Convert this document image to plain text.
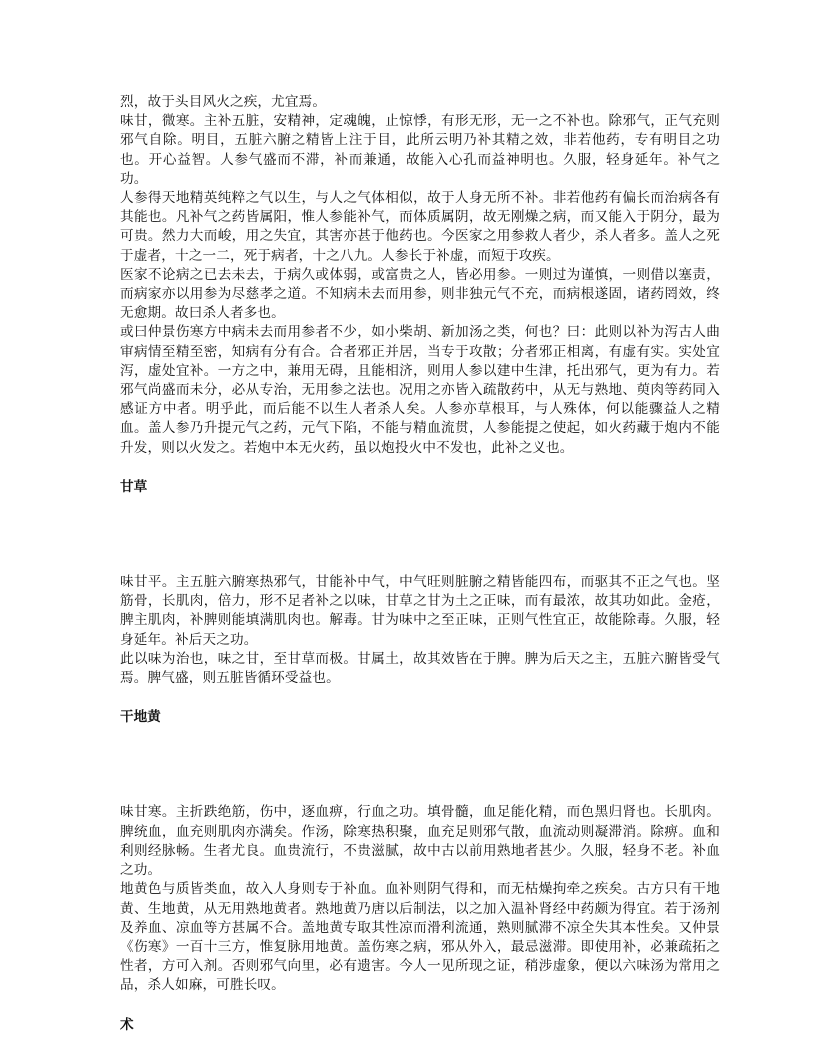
烈，故于头目风火之疾，尤宜焉。

味甘，微寒。主补五脏，安精神，定魂魄，止惊悸，有形无形，无一之不补也。除邪气，正气充则邪气自除。明目，五脏六腑之精皆上注于目，此所云明乃补其精之效，非若他药，专有明目之功也。开心益智。人参气盛而不滞，补而兼通，故能入心孔而益神明也。久服，轻身延年。补气之功。

人参得天地精英纯粹之气以生，与人之气体相似，故于人身无所不补。非若他药有偏长而治病各有其能也。凡补气之药皆属阳，惟人参能补气，而体质属阴，故无刚燥之病，而又能入于阴分，最为可贵。然力大而峻，用之失宜，其害亦甚于他药也。今医家之用参救人者少，杀人者多。盖人之死于虚者，十之一二，死于病者，十之八九。人参长于补虚，而短于攻疾。

医家不论病之已去未去，于病久或体弱，或富贵之人，皆必用参。一则过为谨慎，一则借以塞责，而病家亦以用参为尽慈孝之道。不知病未去而用参，则非独元气不充，而病根遂固，诸药罔效，终无愈期。故曰杀人者多也。

或曰仲景伤寒方中病未去而用参者不少，如小柴胡、新加汤之类，何也？曰：此则以补为泻古人曲审病情至精至密，知病有分有合。合者邪正并居，当专于攻散；分者邪正相离，有虚有实。实处宜泻，虚处宜补。一方之中，兼用无碍，且能相济，则用人参以建中生津，托出邪气，更为有力。若邪气尚盛而未分，必从专治，无用参之法也。况用之亦皆入疏散药中，从无与熟地、萸肉等药同入感证方中者。明乎此，而后能不以生人者杀人矣。人参亦草根耳，与人殊体，何以能骤益人之精血。盖人参乃升提元气之药，元气下陷，不能与精血流贯，人参能提之使起，如火药藏于炮内不能升发，则以火发之。若炮中本无火药，虽以炮投火中不发也，此补之义也。

甘草

味甘平。主五脏六腑寒热邪气，甘能补中气，中气旺则脏腑之精皆能四布，而驱其不正之气也。坚筋骨，长肌肉，倍力，形不足者补之以味，甘草之甘为土之正味，而有最浓，故其功如此。金疮，脾主肌肉，补脾则能填满肌肉也。解毒。甘为味中之至正味，正则气性宜正，故能除毒。久服，轻身延年。补后天之功。

此以味为治也，味之甘，至甘草而极。甘属土，故其效皆在于脾。脾为后天之主，五脏六腑皆受气焉。脾气盛，则五脏皆循环受益也。

干地黄

味甘寒。主折跌绝筋，伤中，逐血痹，行血之功。填骨髓，血足能化精，而色黑归肾也。长肌肉。脾统血，血充则肌肉亦满矣。作汤，除寒热积聚，血充足则邪气散，血流动则凝滞消。除痹。血和利则经脉畅。生者尤良。血贵流行，不贵滋腻，故中古以前用熟地者甚少。久服，轻身不老。补血之功。

地黄色与质皆类血，故入人身则专于补血。血补则阴气得和，而无枯燥拘牵之疾矣。古方只有干地黄、生地黄，从无用熟地黄者。熟地黄乃唐以后制法，以之加入温补肾经中药颇为得宜。若于汤剂及养血、凉血等方甚属不合。盖地黄专取其性凉而滑利流通，熟则腻滞不凉全失其本性矣。又仲景《伤寒》一百十三方，惟复脉用地黄。盖伤寒之病，邪从外入，最忌滋滞。即使用补，必兼疏拓之性者，方可入剂。否则邪气向里，必有遗害。今人一见所现之证，稍涉虚象，便以六味汤为常用之品，杀人如麻，可胜长叹。

术
